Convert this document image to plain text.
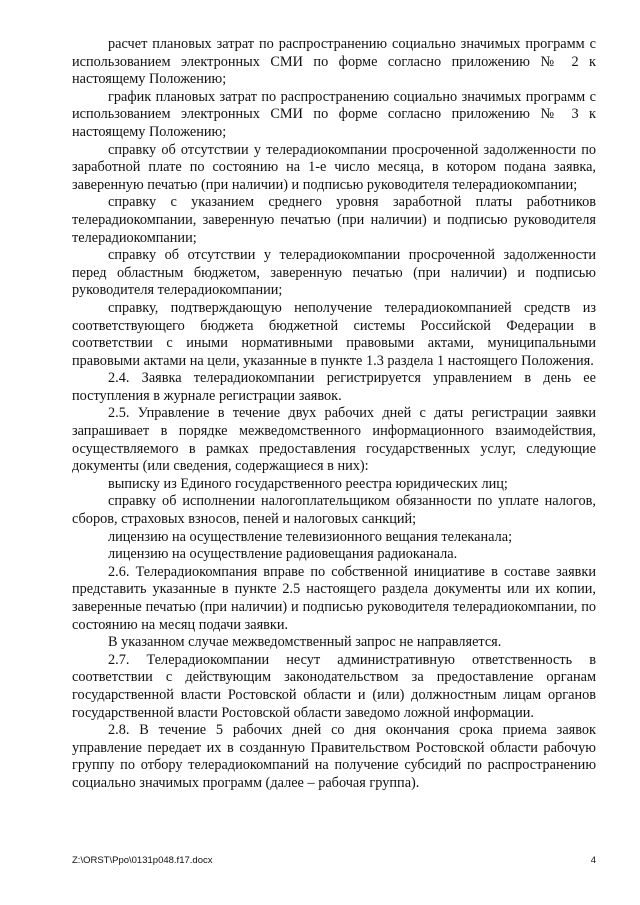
расчет плановых затрат по распространению социально значимых программ с использованием электронных СМИ по форме согласно приложению № 2 к настоящему Положению;

график плановых затрат по распространению социально значимых программ с использованием электронных СМИ по форме согласно приложению № 3 к настоящему Положению;

справку об отсутствии у телерадиокомпании просроченной задолженности по заработной плате по состоянию на 1-е число месяца, в котором подана заявка, заверенную печатью (при наличии) и подписью руководителя телерадиокомпании;

справку с указанием среднего уровня заработной платы работников телерадиокомпании, заверенную печатью (при наличии) и подписью руководителя телерадиокомпании;

справку об отсутствии у телерадиокомпании просроченной задолженности перед областным бюджетом, заверенную печатью (при наличии) и подписью руководителя телерадиокомпании;

справку, подтверждающую неполучение телерадиокомпанией средств из соответствующего бюджета бюджетной системы Российской Федерации в соответствии с иными нормативными правовыми актами, муниципальными правовыми актами на цели, указанные в пункте 1.3 раздела 1 настоящего Положения.

2.4. Заявка телерадиокомпании регистрируется управлением в день ее поступления в журнале регистрации заявок.

2.5. Управление в течение двух рабочих дней с даты регистрации заявки запрашивает в порядке межведомственного информационного взаимодействия, осуществляемого в рамках предоставления государственных услуг, следующие документы (или сведения, содержащиеся в них):

выписку из Единого государственного реестра юридических лиц;

справку об исполнении налогоплательщиком обязанности по уплате налогов, сборов, страховых взносов, пеней и налоговых санкций;

лицензию на осуществление телевизионного вещания телеканала;

лицензию на осуществление радиовещания радиоканала.

2.6. Телерадиокомпания вправе по собственной инициативе в составе заявки представить указанные в пункте 2.5 настоящего раздела документы или их копии, заверенные печатью (при наличии) и подписью руководителя телерадиокомпании, по состоянию на месяц подачи заявки.

В указанном случае межведомственный запрос не направляется.

2.7. Телерадиокомпании несут административную ответственность в соответствии с действующим законодательством за предоставление органам государственной власти Ростовской области и (или) должностным лицам органов государственной власти Ростовской области заведомо ложной информации.

2.8. В течение 5 рабочих дней со дня окончания срока приема заявок управление передает их в созданную Правительством Ростовской области рабочую группу по отбору телерадиокомпаний на получение субсидий по распространению социально значимых программ (далее – рабочая группа).

Z:\ORST\Ppo\0131p048.f17.docx	4
